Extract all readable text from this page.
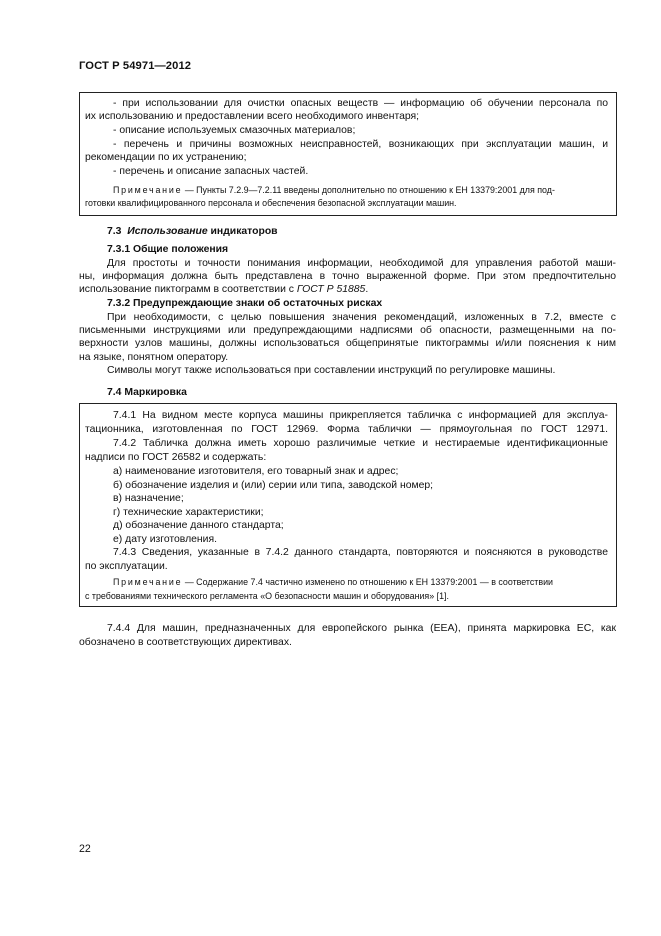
ГОСТ Р 54971—2012
- при использовании для очистки опасных веществ — информацию об обучении персонала по
их использованию и предоставлении всего необходимого инвентаря;
- описание используемых смазочных материалов;
- перечень и причины возможных неисправностей, возникающих при эксплуатации машин, и
рекомендации по их устранению;
- перечень и описание запасных частей.
Примечание — Пункты 7.2.9—7.2.11 введены дополнительно по отношению к ЕН 13379:2001 для под-
готовки квалифицированного персонала и обеспечения безопасной эксплуатации машин.
7.3 Использование индикаторов
7.3.1 Общие положения
Для простоты и точности понимания информации, необходимой для управления работой маши-
ны, информация должна быть представлена в точно выраженной форме. При этом предпочтительно
использование пиктограмм в соответствии с ГОСТ Р 51885.
7.3.2 Предупреждающие знаки об остаточных рисках
При необходимости, с целью повышения значения рекомендаций, изложенных в 7.2, вместе с
письменными инструкциями или предупреждающими надписями об опасности, размещенными на по-
верхности узлов машины, должны использоваться общепринятые пиктограммы и/или пояснения к ним
на языке, понятном оператору.
Символы могут также использоваться при составлении инструкций по регулировке машины.
7.4 Маркировка
7.4.1 На видном месте корпуса машины прикрепляется табличка с информацией для эксплуа-
тационника, изготовленная по ГОСТ 12969. Форма таблички — прямоугольная по ГОСТ 12971.
7.4.2 Табличка должна иметь хорошо различимые четкие и нестираемые идентификационные
надписи по ГОСТ 26582 и содержать:
а) наименование изготовителя, его товарный знак и адрес;
б) обозначение изделия и (или) серии или типа, заводской номер;
в) назначение;
г) технические характеристики;
д) обозначение данного стандарта;
е) дату изготовления.
7.4.3 Сведения, указанные в 7.4.2 данного стандарта, повторяются и поясняются в руководстве
по эксплуатации.
Примечание — Содержание 7.4 частично изменено по отношению к ЕН 13379:2001 — в соответствии
с требованиями технического регламента «О безопасности машин и оборудования» [1].
7.4.4 Для машин, предназначенных для европейского рынка (ЕЕА), принята маркировка ЕС, как
обозначено в соответствующих директивах.
22
